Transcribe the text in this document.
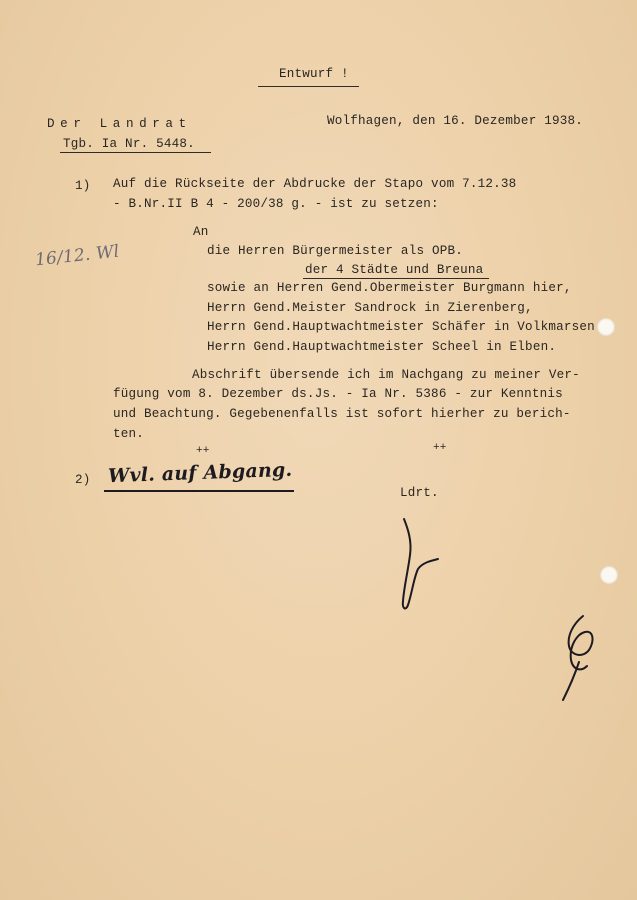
Entwurf !
Der Landrat
Tgb. Ia Nr. 5448.
Wolfhagen, den 16. Dezember 1938.
16/12. Wl
1) Auf die Rückseite der Abdrucke der Stapo vom 7.12.38
- B.Nr.II B 4 - 200/38 g. - ist zu setzen:
An
die Herren Bürgermeister als OPB.
der 4 Städte und Breuna
sowie an Herren Gend.Obermeister Burgmann hier,
Herrn Gend.Meister Sandrock in Zierenberg,
Herrn Gend.Hauptwachtmeister Schäfer in Volkmarsen
Herrn Gend.Hauptwachtmeister Scheel in Elben.
Abschrift übersende ich im Nachgang zu meiner Ver-
fügung vom 8. Dezember ds.Js. - Ia Nr. 5386 - zur Kenntnis
und Beachtung. Gegebenenfalls ist sofort hierher zu berich-
ten.
++	++
2) Wvl. auf Abgang.
Ldrt.
